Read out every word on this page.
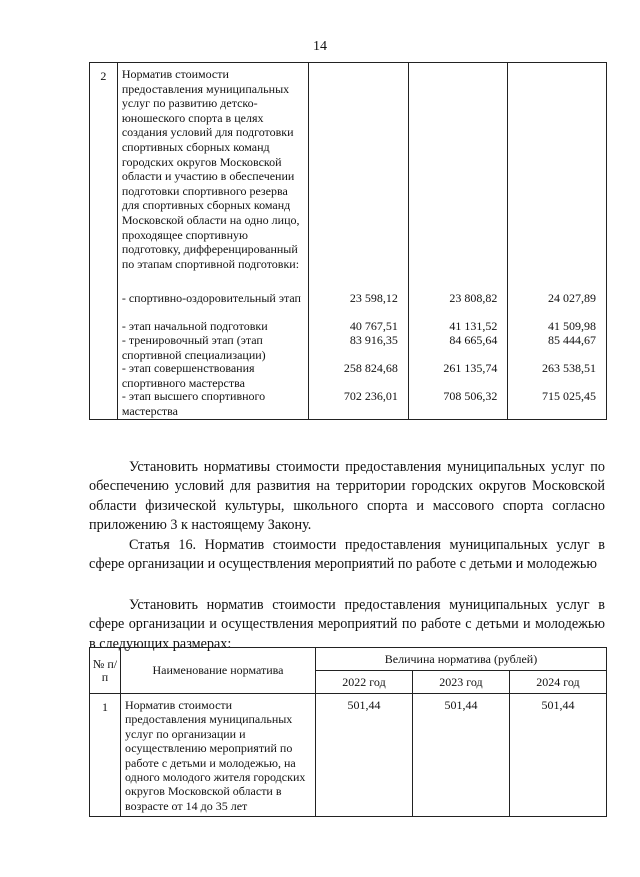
14
2	Норматив стоимости предоставления муниципальных услуг по развитию детско-юношеского спорта в целях создания условий для подготовки спортивных сборных команд городских округов Московской области и участию в обеспечении подготовки спортивного резерва для спортивных сборных команд Московской области на одно лицо, проходящее спортивную подготовку, дифференцированный по этапам спортивной подготовки:			

	- спортивно-оздоровительный этап	23 598,12	23 808,82	24 027,89

	- этап начальной подготовки	40 767,51	41 131,52	41 509,98

	- тренировочный этап (этап спортивной специализации)	83 916,35	84 665,64	85 444,67

	- этап совершенствования спортивного мастерства	258 824,68	261 135,74	263 538,51

	- этап высшего спортивного мастерства	702 236,01	708 506,32	715 025,45
Установить нормативы стоимости предоставления муниципальных услуг по обеспечению условий для развития на территории городских округов Московской области физической культуры, школьного спорта и массового спорта согласно приложению 3 к настоящему Закону.
Статья 16. Норматив стоимости предоставления муниципальных услуг в сфере организации и осуществления мероприятий по работе с детьми и молодежью
Установить норматив стоимости предоставления муниципальных услуг в сфере организации и осуществления мероприятий по работе с детьми и молодежью в следующих размерах:
№ п/п	Наименование норматива	Величина норматива (рублей)		
		2022 год	2023 год	2024 год
1	Норматив стоимости предоставления муниципальных услуг по организации и осуществлению мероприятий по работе с детьми и молодежью, на одного молодого жителя городских округов Московской области в возрасте от 14 до 35 лет	501,44	501,44	501,44
